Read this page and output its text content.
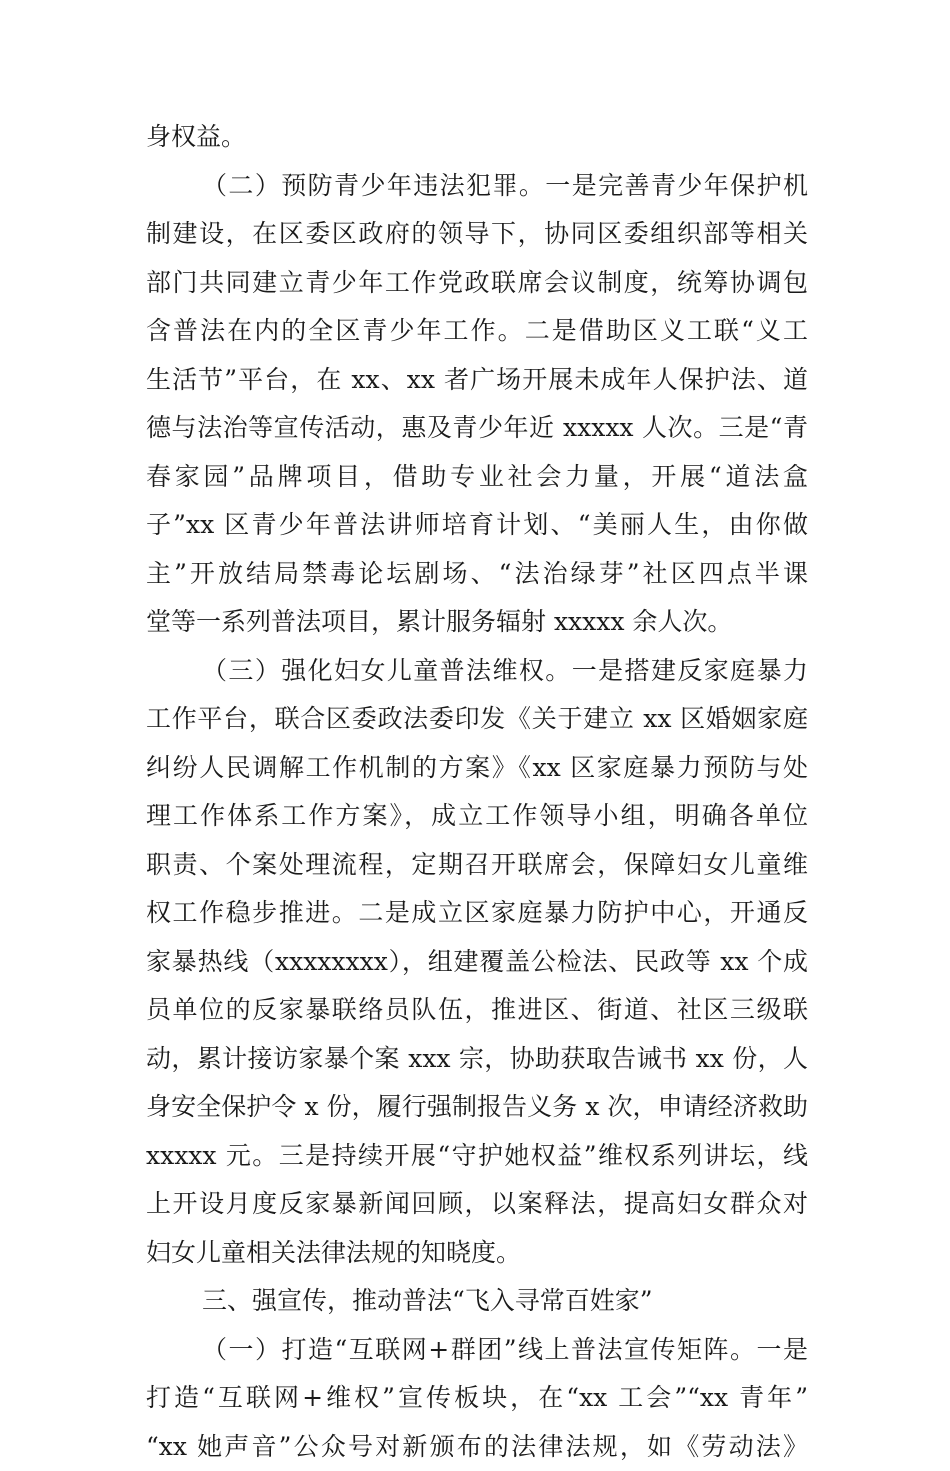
身权益。
（二）预防青少年违法犯罪。一是完善青少年保护机
制建设，在区委区政府的领导下，协同区委组织部等相关
部门共同建立青少年工作党政联席会议制度，统筹协调包
含普法在内的全区青少年工作。二是借助区义工联“义工
生活节”平台，在 xx、xx 者广场开展未成年人保护法、道
德与法治等宣传活动，惠及青少年近 xxxxx 人次。三是“青
春家园”品牌项目，借助专业社会力量，开展“道法盒
子”xx 区青少年普法讲师培育计划、“美丽人生，由你做
主”开放结局禁毒论坛剧场、“法治绿芽”社区四点半课
堂等一系列普法项目，累计服务辐射 xxxxx 余人次。
（三）强化妇女儿童普法维权。一是搭建反家庭暴力
工作平台，联合区委政法委印发《关于建立 xx 区婚姻家庭
纠纷人民调解工作机制的方案》《xx 区家庭暴力预防与处
理工作体系工作方案》，成立工作领导小组，明确各单位
职责、个案处理流程，定期召开联席会，保障妇女儿童维
权工作稳步推进。二是成立区家庭暴力防护中心，开通反
家暴热线（xxxxxxxx），组建覆盖公检法、民政等 xx 个成
员单位的反家暴联络员队伍，推进区、街道、社区三级联
动，累计接访家暴个案 xxx 宗，协助获取告诫书 xx 份，人
身安全保护令 x 份，履行强制报告义务 x 次，申请经济救助
xxxxx 元。三是持续开展“守护她权益”维权系列讲坛，线
上开设月度反家暴新闻回顾，以案释法，提高妇女群众对
妇女儿童相关法律法规的知晓度。
三、强宣传，推动普法“飞入寻常百姓家”
（一）打造“互联网+群团”线上普法宣传矩阵。一是
打造“互联网+维权”宣传板块，在“xx 工会”“xx 青年”
“xx 她声音”公众号对新颁布的法律法规，如《劳动法》
